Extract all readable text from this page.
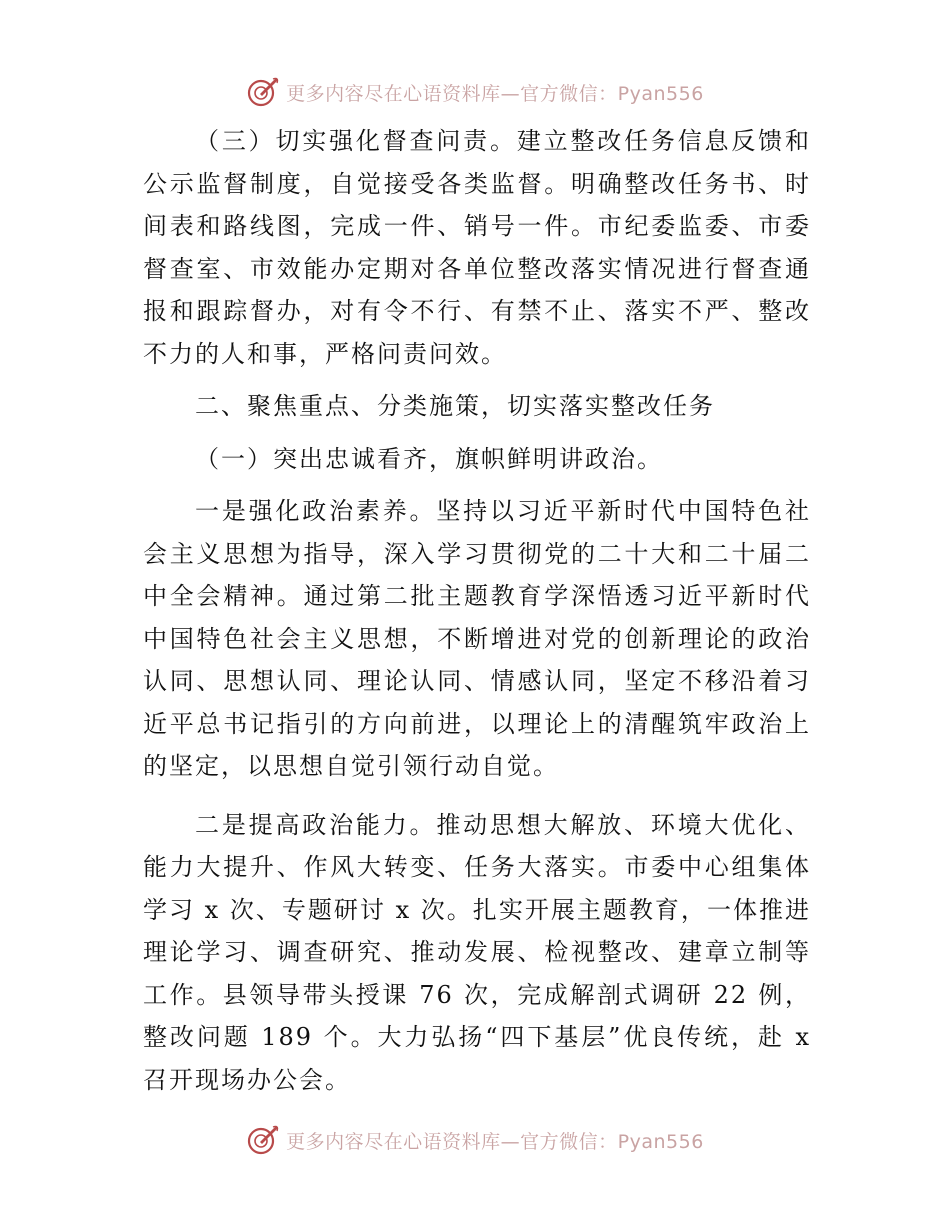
更多内容尽在心语资料库—官方微信：Pyan556

（三）切实强化督查问责。建立整改任务信息反馈和公示监督制度，自觉接受各类监督。明确整改任务书、时间表和路线图，完成一件、销号一件。市纪委监委、市委督查室、市效能办定期对各单位整改落实情况进行督查通报和跟踪督办，对有令不行、有禁不止、落实不严、整改不力的人和事，严格问责问效。

二、聚焦重点、分类施策，切实落实整改任务

（一）突出忠诚看齐，旗帜鲜明讲政治。

一是强化政治素养。坚持以习近平新时代中国特色社会主义思想为指导，深入学习贯彻党的二十大和二十届二中全会精神。通过第二批主题教育学深悟透习近平新时代中国特色社会主义思想，不断增进对党的创新理论的政治认同、思想认同、理论认同、情感认同，坚定不移沿着习近平总书记指引的方向前进，以理论上的清醒筑牢政治上的坚定，以思想自觉引领行动自觉。

二是提高政治能力。推动思想大解放、环境大优化、能力大提升、作风大转变、任务大落实。市委中心组集体学习 x 次、专题研讨 x 次。扎实开展主题教育，一体推进理论学习、调查研究、推动发展、检视整改、建章立制等工作。县领导带头授课 76 次，完成解剖式调研 22 例，整改问题 189 个。大力弘扬“四下基层”优良传统，赴 x 召开现场办公会。

更多内容尽在心语资料库—官方微信：Pyan556
